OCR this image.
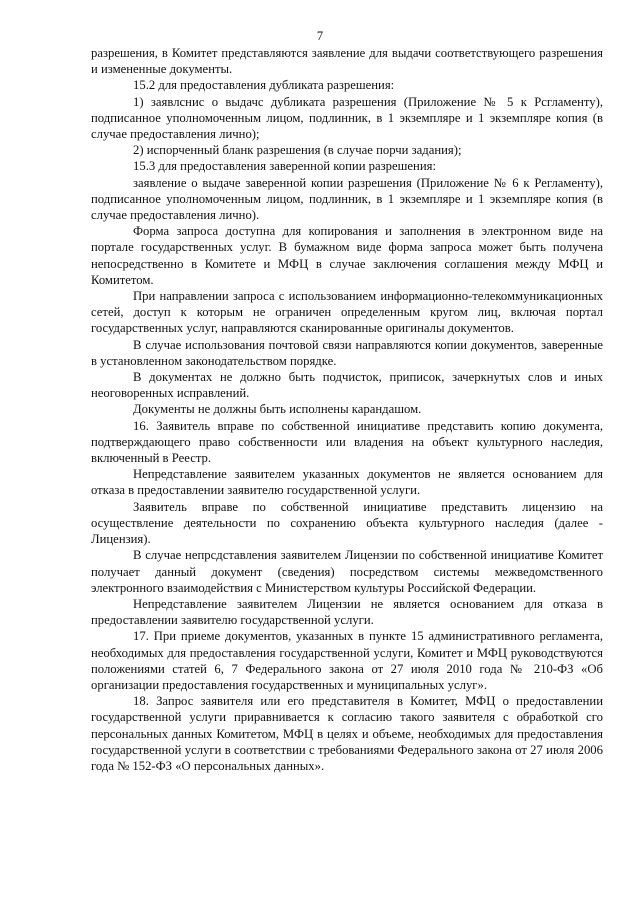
7

разрешения, в Комитет представляются заявление для выдачи соответствующего разрешения и измененные документы.

15.2 для предоставления дубликата разрешения:

1) заявлснис о выдачс дубликата разрешения (Приложение № 5 к Рсгламенту), подписанное уполномоченным лицом, подлинник, в 1 экземпляре и 1 экземпляре копия (в случае предоставления лично);

2) испорченный бланк разрешения (в случае порчи задания);

15.3 для предоставления заверенной копии разрешения:

заявление о выдаче заверенной копии разрешения (Приложение № 6 к Регламенту), подписанное уполномоченным лицом, подлинник, в 1 экземпляре и 1 экземпляре копия (в случае предоставления лично).

Форма запроса доступна для копирования и заполнения в электронном виде на портале государственных услуг. В бумажном виде форма запроса может быть получена непосредственно в Комитете и МФЦ в случае заключения соглашения между МФЦ и Комитетом.

При направлении запроса с использованием информационно-телекоммуникационных сетей, доступ к которым не ограничен определенным кругом лиц, включая портал государственных услуг, направляются сканированные оригиналы документов.

В случае использования почтовой связи направляются копии документов, заверенные в установленном законодательством порядке.

В документах не должно быть подчисток, приписок, зачеркнутых слов и иных неоговоренных исправлений.

Документы не должны быть исполнены карандашом.

16. Заявитель вправе по собственной инициативе представить копию документа, подтверждающего право собственности или владения на объект культурного наследия, включенный в Реестр.

Непредставление заявителем указанных документов не является основанием для отказа в предоставлении заявителю государственной услуги.

Заявитель вправе по собственной инициативе представить лицензию на осуществление деятельности по сохранению объекта культурного наследия (далее - Лицензия).

В случае непрсдставления заявителем Лицензии по собственной инициативе Комитет получает данный документ (сведения) посредством системы межведомственного электронного взаимодействия с Министерством культуры Российской Федерации.

Непредставление заявителем Лицензии не является основанием для отказа в предоставлении заявителю государственной услуги.

17. При приеме документов, указанных в пункте 15 административного регламента, необходимых для предоставления государственной услуги, Комитет и МФЦ руководствуются положениями статей 6, 7 Федерального закона от 27 июля 2010 года № 210-ФЗ «Об организации предоставления государственных и муниципальных услуг».

18. Запрос заявителя или его представителя в Комитет, МФЦ о предоставлении государственной услуги приравнивается к согласию такого заявителя с обработкой сго персональных данных Комитетом, МФЦ в целях и объеме, необходимых для предоставления государственной услуги в соответствии с требованиями Федерального закона от 27 июля 2006 года № 152-ФЗ «О персональных данных».
